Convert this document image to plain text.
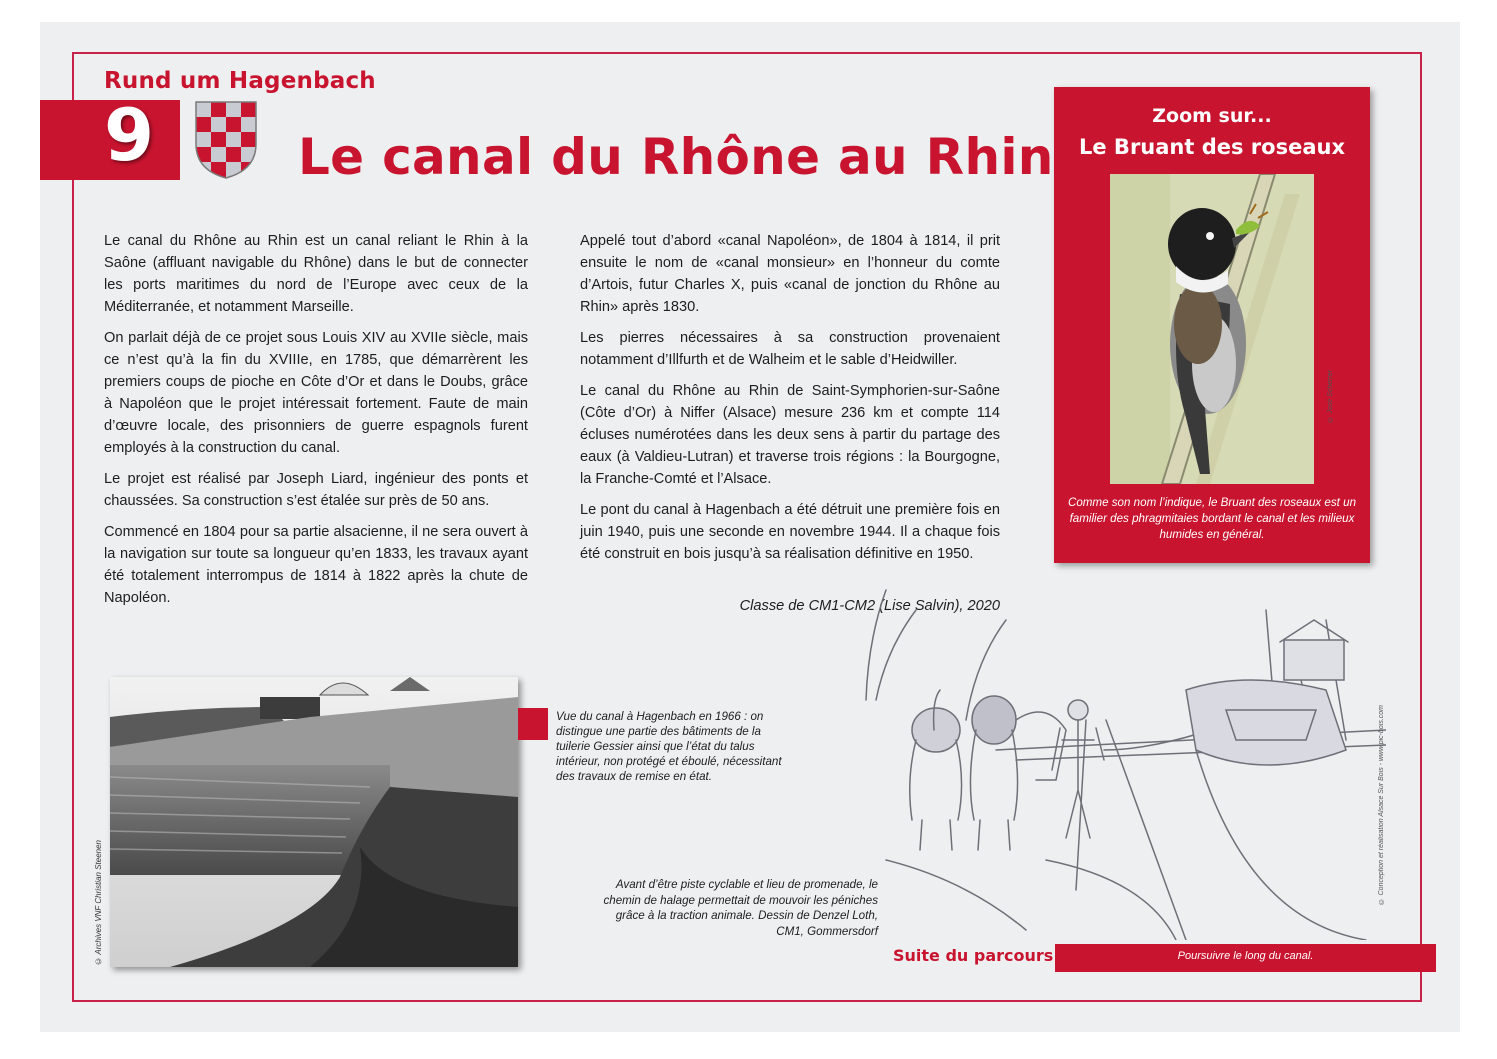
Rund um Hagenbach
9	Le canal du Rhône au Rhin

Le canal du Rhône au Rhin est un canal reliant le Rhin à la Saône (affluant navigable du Rhône) dans le but de connecter les ports maritimes du nord de l’Europe avec ceux de la Méditerranée, et notamment Marseille.

On parlait déjà de ce projet sous Louis XIV au XVIIe siècle, mais ce n’est qu’à la fin du XVIIIe, en 1785, que démarrèrent les premiers coups de pioche en Côte d’Or et dans le Doubs, grâce à Napoléon que le projet intéressait fortement. Faute de main d’œuvre locale, des prisonniers de guerre espagnols furent employés à la construction du canal.

Le projet est réalisé par Joseph Liard, ingénieur des ponts et chaussées. Sa construction s’est étalée sur près de 50 ans.

Commencé en 1804 pour sa partie alsacienne, il ne sera ouvert à la navigation sur toute sa longueur qu’en 1833, les travaux ayant été totalement interrompus de 1814 à 1822 après la chute de Napoléon.

Appelé tout d’abord «canal Napoléon», de 1804 à 1814, il prit ensuite le nom de «canal monsieur» en l’honneur du comte d’Artois, futur Charles X, puis «canal de jonction du Rhône au Rhin» après 1830.

Les pierres nécessaires à sa construction provenaient notamment d’Illfurth et de Walheim et le sable d’Heidwiller.

Le canal du Rhône au Rhin de Saint-Symphorien-sur-Saône (Côte d’Or) à Niffer (Alsace) mesure 236 km et compte 114 écluses numérotées dans les deux sens à partir du partage des eaux (à Valdieu-Lutran) et traverse trois régions : la Bourgogne, la Franche-Comté et l’Alsace.

Le pont du canal à Hagenbach a été détruit une première fois en juin 1940, puis une seconde en novembre 1944. Il a chaque fois été construit en bois jusqu’à sa réalisation définitive en 1950.

Classe de CM1-CM2 (Lise Salvin), 2020
Zoom sur...
Le Bruant des roseaux
Comme son nom l’indique, le Bruant des roseaux est un familier des phragmitaies bordant le canal et les milieux humides en général.
© José Scherrer
© Archives VNF Christian Steenen
Vue du canal à Hagenbach en 1966 : on distingue une partie des bâtiments de la tuilerie Gessier ainsi que l’état du talus intérieur, non protégé et éboulé, nécessitant des travaux de remise en état.	© Conception et réalisation Alsace Sur Bois - www.pic-bois.com
Avant d’être piste cyclable et lieu de promenade, le chemin de halage permettait de mouvoir les péniches grâce à la traction animale. Dessin de Denzel Loth, CM1, Gommersdorf
Suite du parcours	Poursuivre le long du canal.
